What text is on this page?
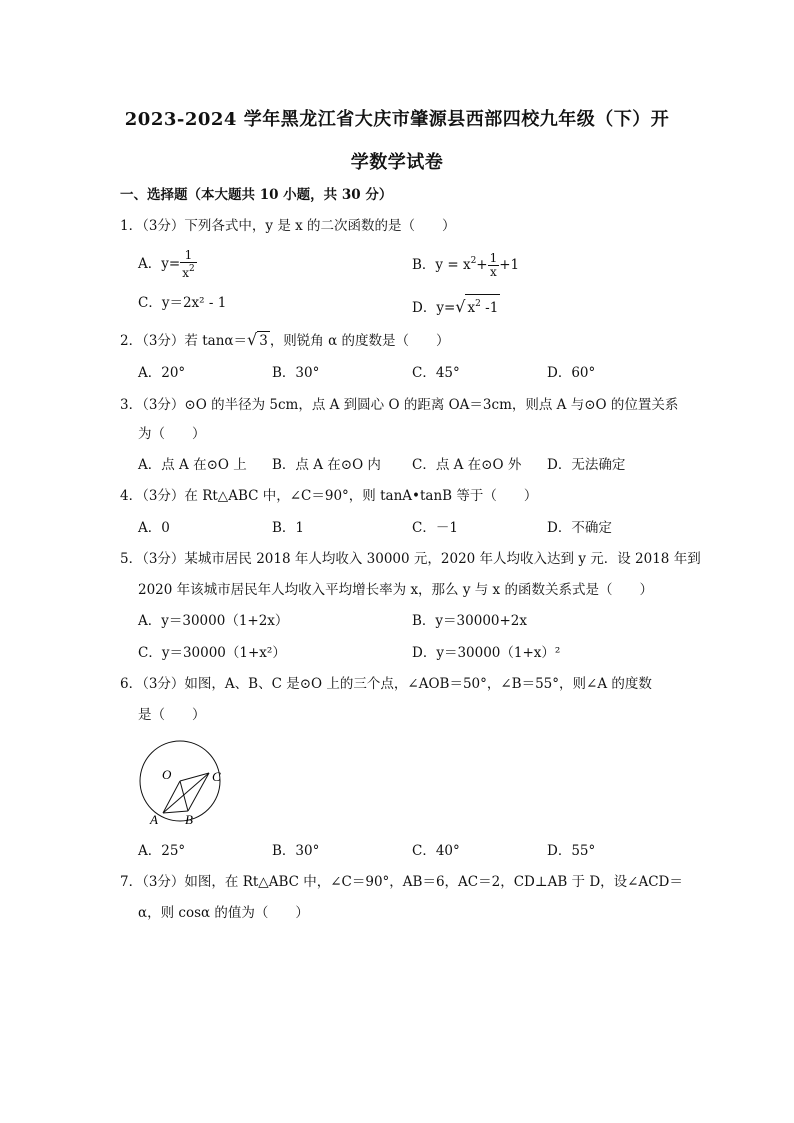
2023-2024 学年黑龙江省大庆市肇源县西部四校九年级（下）开
学数学试卷
一、选择题（本大题共 10 小题，共 30 分）
1．（3分）下列各式中，y 是 x 的二次函数的是（　　）
A．$y= \frac{1}{x^2}$	B．$y = x^2+ \frac{1}{x} +1$
C．y＝2x² - 1	D．y=√ $x^2$ -1
2．（3分）若 tanα＝√ 3 ，则锐角 α 的度数是（　　）
A．20°	B．30°	C．45°	D．60°
3．（3分）⊙O 的半径为 5cm，点 A 到圆心 O 的距离 OA＝3cm，则点 A 与⊙O 的位置关系
为（　　）
A．点 A 在⊙O 上 B．点 A 在⊙O 内 C．点 A 在⊙O 外 D．无法确定
4．（3分）在 Rt△ABC 中，∠C＝90°，则 tanA•tanB 等于（　　）
A．0	B．1	C．－1	D．不确定
5．（3分）某城市居民 2018 年人均收入 30000 元，2020 年人均收入达到 y 元．设 2018 年到
2020 年该城市居民年人均收入平均增长率为 x，那么 y 与 x 的函数关系式是（　　）
A．y＝30000（1+2x）	B．y＝30000+2x
C．y＝30000（1+x²）	D．y＝30000（1+x）²
6．（3分）如图，A、B、C 是⊙O 上的三个点，∠AOB＝50°，∠B＝55°，则∠A 的度数
是（　　）
O	C
A B
A．25°	B．30°	C．40°	D．55°
7．（3分）如图，在 Rt△ABC 中，∠C＝90°，AB＝6，AC＝2，CD⊥AB 于 D，设∠ACD＝
α，则 cosα 的值为（　　）
